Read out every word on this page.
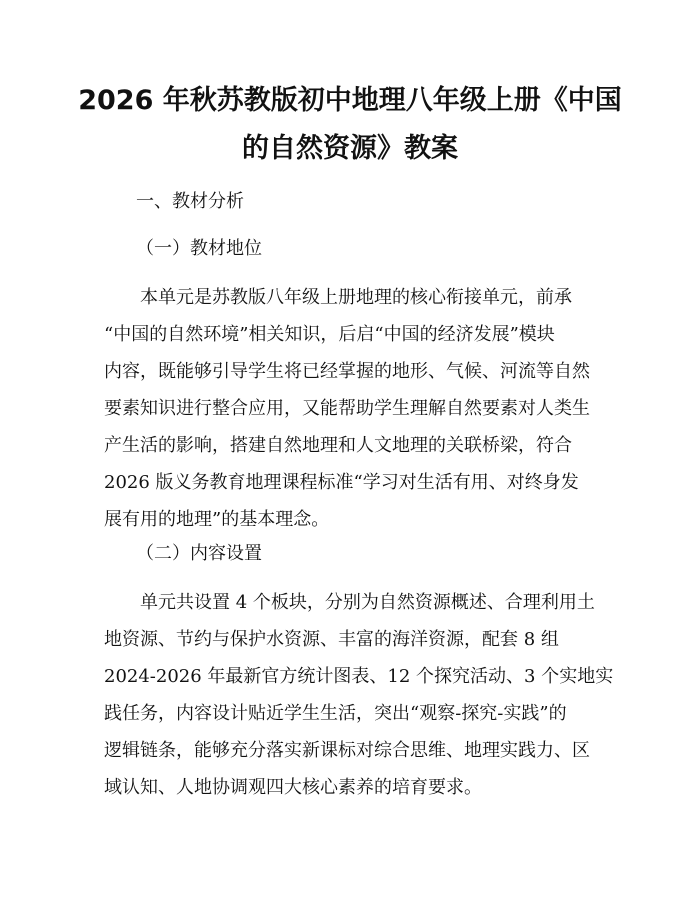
2026 年秋苏教版初中地理八年级上册《中国
的自然资源》教案

一、教材分析

（一）教材地位

　　本单元是苏教版八年级上册地理的核心衔接单元，前承
“中国的自然环境”相关知识，后启“中国的经济发展”模块
内容，既能够引导学生将已经掌握的地形、气候、河流等自然
要素知识进行整合应用，又能帮助学生理解自然要素对人类生
产生活的影响，搭建自然地理和人文地理的关联桥梁，符合
2026 版义务教育地理课程标准“学习对生活有用、对终身发
展有用的地理”的基本理念。

（二）内容设置

　　单元共设置 4 个板块，分别为自然资源概述、合理利用土
地资源、节约与保护水资源、丰富的海洋资源，配套 8 组
2024-2026 年最新官方统计图表、12 个探究活动、3 个实地实
践任务，内容设计贴近学生生活，突出“观察-探究-实践”的
逻辑链条，能够充分落实新课标对综合思维、地理实践力、区
域认知、人地协调观四大核心素养的培育要求。
